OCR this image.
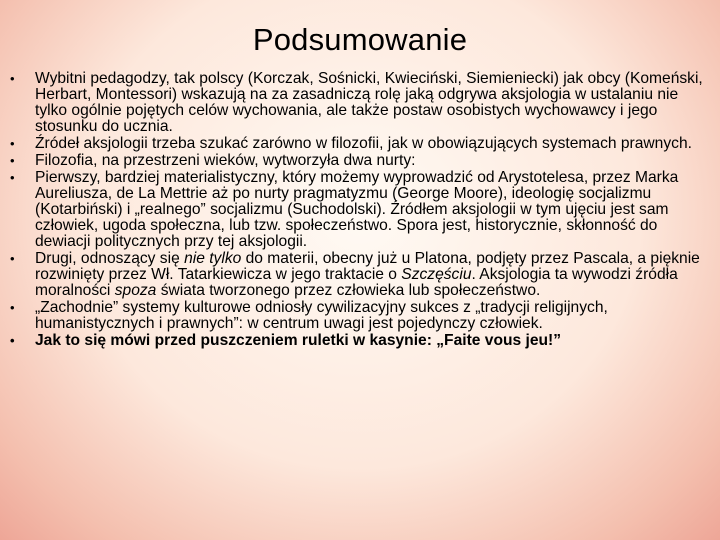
Podsumowanie
• Wybitni pedagodzy, tak polscy (Korczak, Sośnicki, Kwieciński, Siemieniecki) jak obcy (Komeński, Herbart, Montessori) wskazują na za zasadniczą rolę jaką odgrywa aksjologia w ustalaniu nie tylko ogólnie pojętych celów wychowania, ale także postaw osobistych wychowawcy i jego stosunku do ucznia.
• Źródeł aksjologii trzeba szukać zarówno w filozofii, jak w obowiązujących systemach prawnych.
• Filozofia, na przestrzeni wieków, wytworzyła dwa nurty:
• Pierwszy, bardziej materialistyczny, który możemy wyprowadzić od Arystotelesa, przez Marka Aureliusza, de La Mettrie aż po nurty pragmatyzmu (George Moore), ideologię socjalizmu (Kotarbiński) i „realnego” socjalizmu (Suchodolski). Źródłem aksjologii w tym ujęciu jest sam człowiek, ugoda społeczna, lub tzw. społeczeństwo. Spora jest, historycznie, skłonność do dewiacji politycznych przy tej aksjologii.
• Drugi, odnoszący się nie tylko do materii, obecny już u Platona, podjęty przez Pascala, a pięknie rozwinięty przez Wł. Tatarkiewicza w jego traktacie o Szczęściu. Aksjologia ta wywodzi źródła moralności spoza świata tworzonego przez człowieka lub społeczeństwo.
• „Zachodnie” systemy kulturowe odniosły cywilizacyjny sukces z „tradycji religijnych, humanistycznych i prawnych”: w centrum uwagi jest pojedynczy człowiek.
• Jak to się mówi przed puszczeniem ruletki w kasynie: „Faite vous jeu!”
